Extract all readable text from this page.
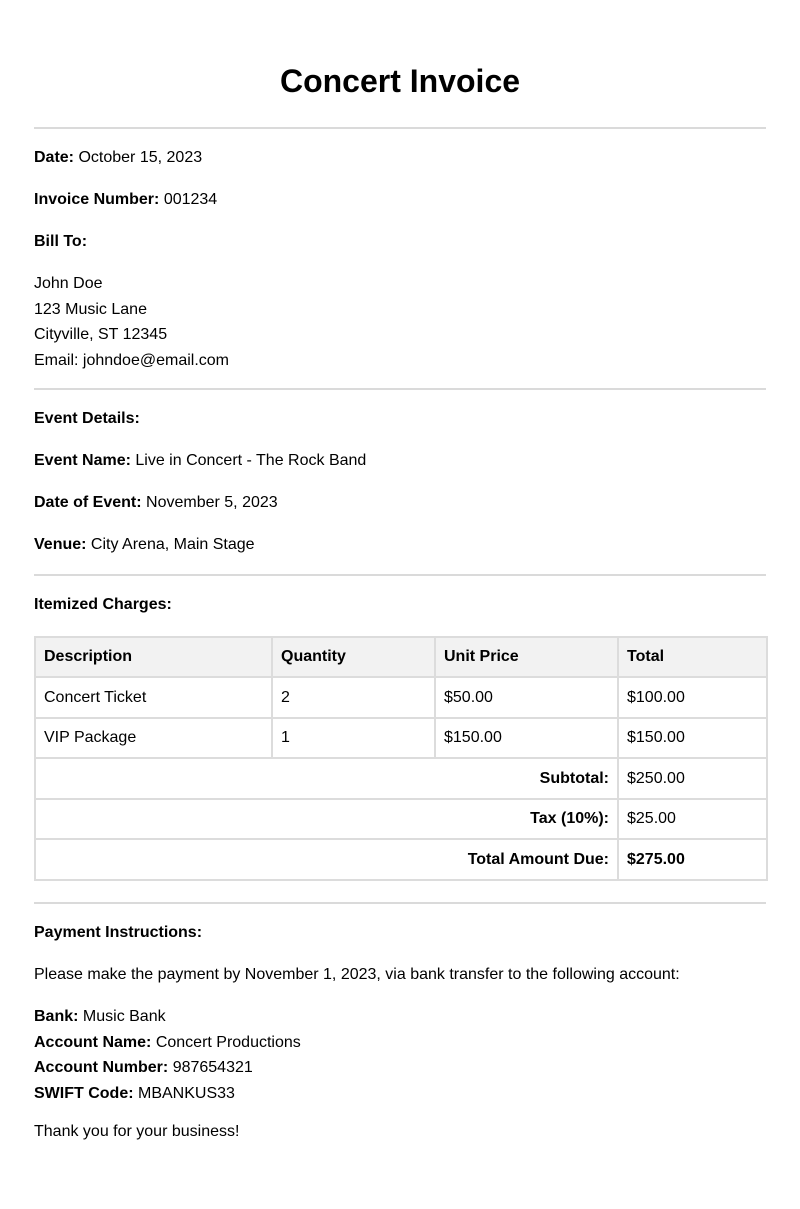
Concert Invoice

Date: October 15, 2023

Invoice Number: 001234

Bill To:

John Doe

123 Music Lane

Cityville, ST 12345

Email: johndoe@email.com

Event Details:

Event Name: Live in Concert - The Rock Band

Date of Event: November 5, 2023

Venue: City Arena, Main Stage

Itemized Charges:

Description	Quantity	Unit Price	Total
Concert Ticket	2	$50.00	$100.00
VIP Package	1	$150.00	$150.00
Subtotal:			$250.00
Tax (10%):			$25.00
Total Amount Due:			$275.00

Payment Instructions:

Please make the payment by November 1, 2023, via bank transfer to the following account:

Bank: Music Bank

Account Name: Concert Productions

Account Number: 987654321

SWIFT Code: MBANKUS33

Thank you for your business!
